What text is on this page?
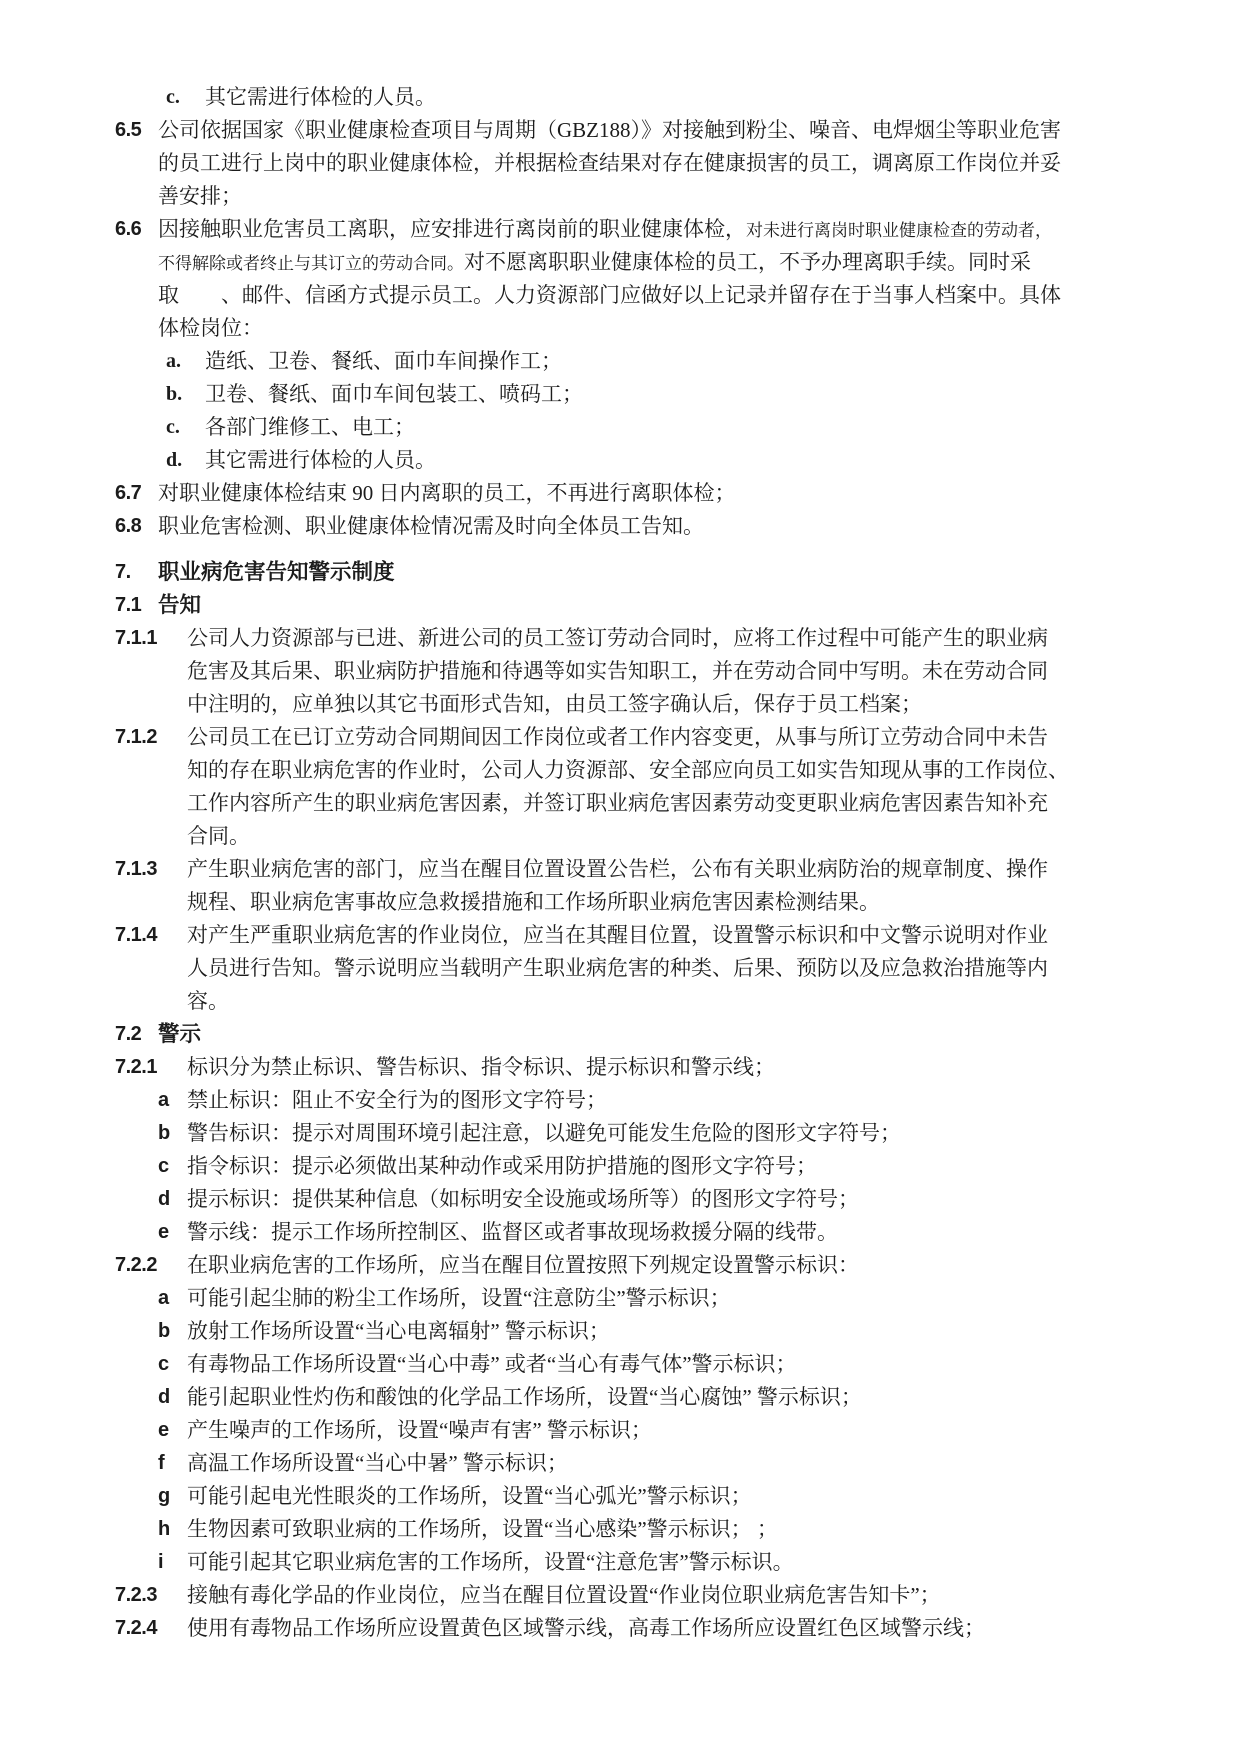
c.	其它需进行体检的人员。
6.5 公司依据国家《职业健康检查项目与周期（GBZ188）》对接触到粉尘、噪音、电焊烟尘等职业危害
的员工进行上岗中的职业健康体检，并根据检查结果对存在健康损害的员工，调离原工作岗位并妥
善安排；
6.6 因接触职业危害员工离职，应安排进行离岗前的职业健康体检，对未进行离岗时职业健康检查的劳动者，
不得解除或者终止与其订立的劳动合同。对不愿离职职业健康体检的员工，不予办理离职手续。同时采
取　　、邮件、信函方式提示员工。人力资源部门应做好以上记录并留存在于当事人档案中。具体
体检岗位：
a.	造纸、卫卷、餐纸、面巾车间操作工；
b.	卫卷、餐纸、面巾车间包装工、喷码工；
c.	各部门维修工、电工；
d.	其它需进行体检的人员。
6.7 对职业健康体检结束 90 日内离职的员工，不再进行离职体检；
6.8 职业危害检测、职业健康体检情况需及时向全体员工告知。
7.	职业病危害告知警示制度
7.1 告知
7.1.1	公司人力资源部与已进、新进公司的员工签订劳动合同时，应将工作过程中可能产生的职业病
危害及其后果、职业病防护措施和待遇等如实告知职工，并在劳动合同中写明。未在劳动合同
中注明的，应单独以其它书面形式告知，由员工签字确认后，保存于员工档案；
7.1.2	公司员工在已订立劳动合同期间因工作岗位或者工作内容变更，从事与所订立劳动合同中未告
知的存在职业病危害的作业时，公司人力资源部、安全部应向员工如实告知现从事的工作岗位、
工作内容所产生的职业病危害因素，并签订职业病危害因素劳动变更职业病危害因素告知补充
合同。
7.1.3	产生职业病危害的部门，应当在醒目位置设置公告栏，公布有关职业病防治的规章制度、操作
规程、职业病危害事故应急救援措施和工作场所职业病危害因素检测结果。
7.1.4	对产生严重职业病危害的作业岗位，应当在其醒目位置，设置警示标识和中文警示说明对作业
人员进行告知。警示说明应当载明产生职业病危害的种类、后果、预防以及应急救治措施等内
容。
7.2 警示
7.2.1	标识分为禁止标识、警告标识、指令标识、提示标识和警示线；
a 禁止标识：阻止不安全行为的图形文字符号；
b 警告标识：提示对周围环境引起注意，以避免可能发生危险的图形文字符号；
c 指令标识：提示必须做出某种动作或采用防护措施的图形文字符号；
d 提示标识：提供某种信息（如标明安全设施或场所等）的图形文字符号；
e 警示线：提示工作场所控制区、监督区或者事故现场救援分隔的线带。
7.2.2	在职业病危害的工作场所，应当在醒目位置按照下列规定设置警示标识：
a 可能引起尘肺的粉尘工作场所，设置“注意防尘”警示标识；
b 放射工作场所设置“当心电离辐射” 警示标识；
c 有毒物品工作场所设置“当心中毒” 或者“当心有毒气体”警示标识；
d 能引起职业性灼伤和酸蚀的化学品工作场所，设置“当心腐蚀” 警示标识；
e 产生噪声的工作场所，设置“噪声有害” 警示标识；
f	高温工作场所设置“当心中暑” 警示标识；
g 可能引起电光性眼炎的工作场所，设置“当心弧光”警示标识；
h 生物因素可致职业病的工作场所，设置“当心感染”警示标识； ；
i	可能引起其它职业病危害的工作场所，设置“注意危害”警示标识。
7.2.3	接触有毒化学品的作业岗位，应当在醒目位置设置“作业岗位职业病危害告知卡”；
7.2.4	使用有毒物品工作场所应设置黄色区域警示线，高毒工作场所应设置红色区域警示线；
